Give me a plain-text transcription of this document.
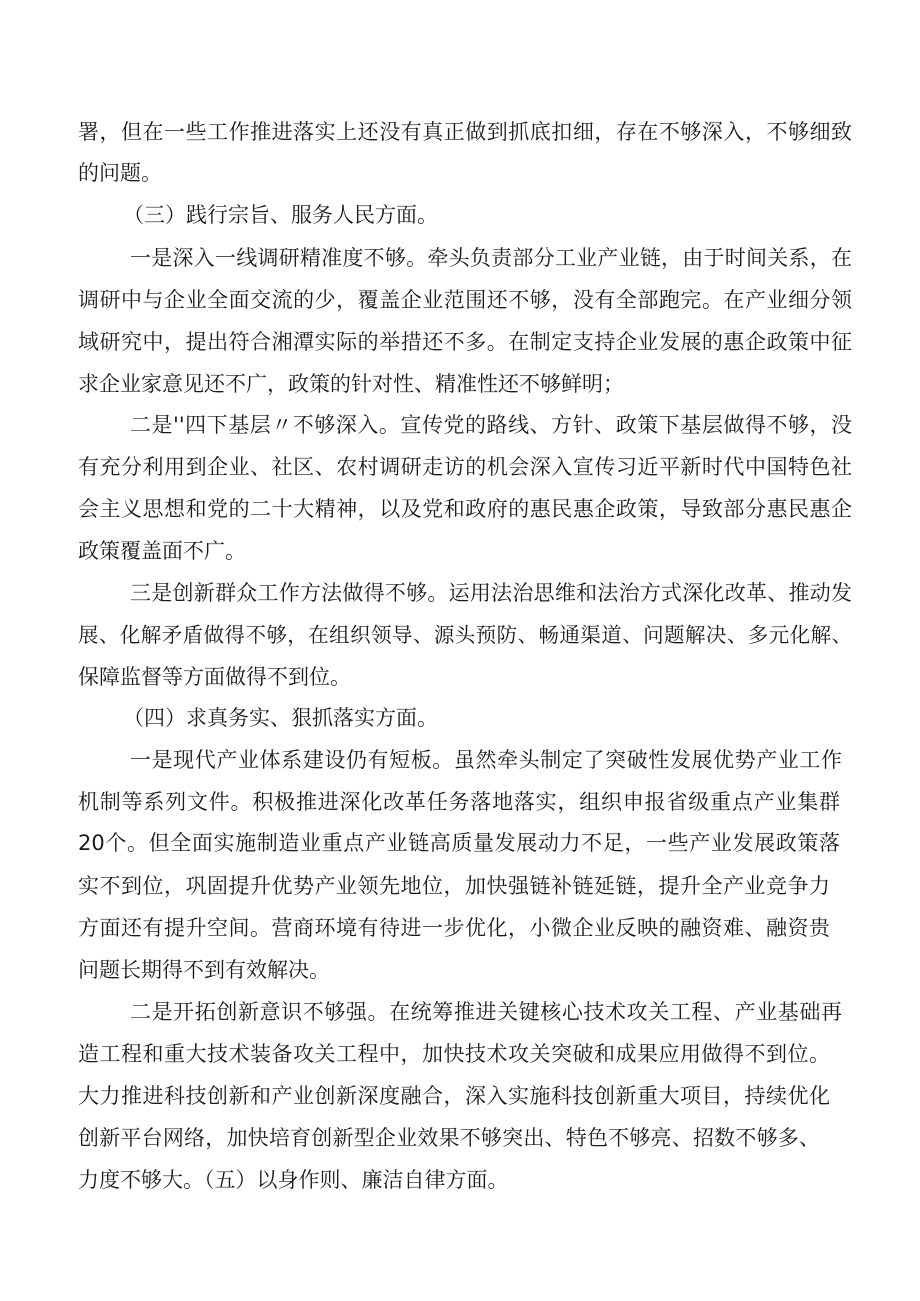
署，但在一些工作推进落实上还没有真正做到抓底扣细，存在不够深入，不够细致
的问题。
（三）践行宗旨、服务人民方面。
一是深入一线调研精准度不够。牵头负责部分工业产业链，由于时间关系，在
调研中与企业全面交流的少，覆盖企业范围还不够，没有全部跑完。在产业细分领
域研究中，提出符合湘潭实际的举措还不多。在制定支持企业发展的惠企政策中征
求企业家意见还不广，政策的针对性、精准性还不够鲜明；
二是''四下基层〃不够深入。宣传党的路线、方针、政策下基层做得不够，没
有充分利用到企业、社区、农村调研走访的机会深入宣传习近平新时代中国特色社
会主义思想和党的二十大精神，以及党和政府的惠民惠企政策，导致部分惠民惠企
政策覆盖面不广。
三是创新群众工作方法做得不够。运用法治思维和法治方式深化改革、推动发
展、化解矛盾做得不够，在组织领导、源头预防、畅通渠道、问题解决、多元化解、
保障监督等方面做得不到位。
（四）求真务实、狠抓落实方面。
一是现代产业体系建设仍有短板。虽然牵头制定了突破性发展优势产业工作
机制等系列文件。积极推进深化改革任务落地落实，组织申报省级重点产业集群
20个。但全面实施制造业重点产业链高质量发展动力不足，一些产业发展政策落
实不到位，巩固提升优势产业领先地位，加快强链补链延链，提升全产业竞争力
方面还有提升空间。营商环境有待进一步优化，小微企业反映的融资难、融资贵
问题长期得不到有效解决。
二是开拓创新意识不够强。在统筹推进关键核心技术攻关工程、产业基础再
造工程和重大技术装备攻关工程中，加快技术攻关突破和成果应用做得不到位。
大力推进科技创新和产业创新深度融合，深入实施科技创新重大项目，持续优化
创新平台网络，加快培育创新型企业效果不够突出、特色不够亮、招数不够多、
力度不够大。（五）以身作则、廉洁自律方面。
